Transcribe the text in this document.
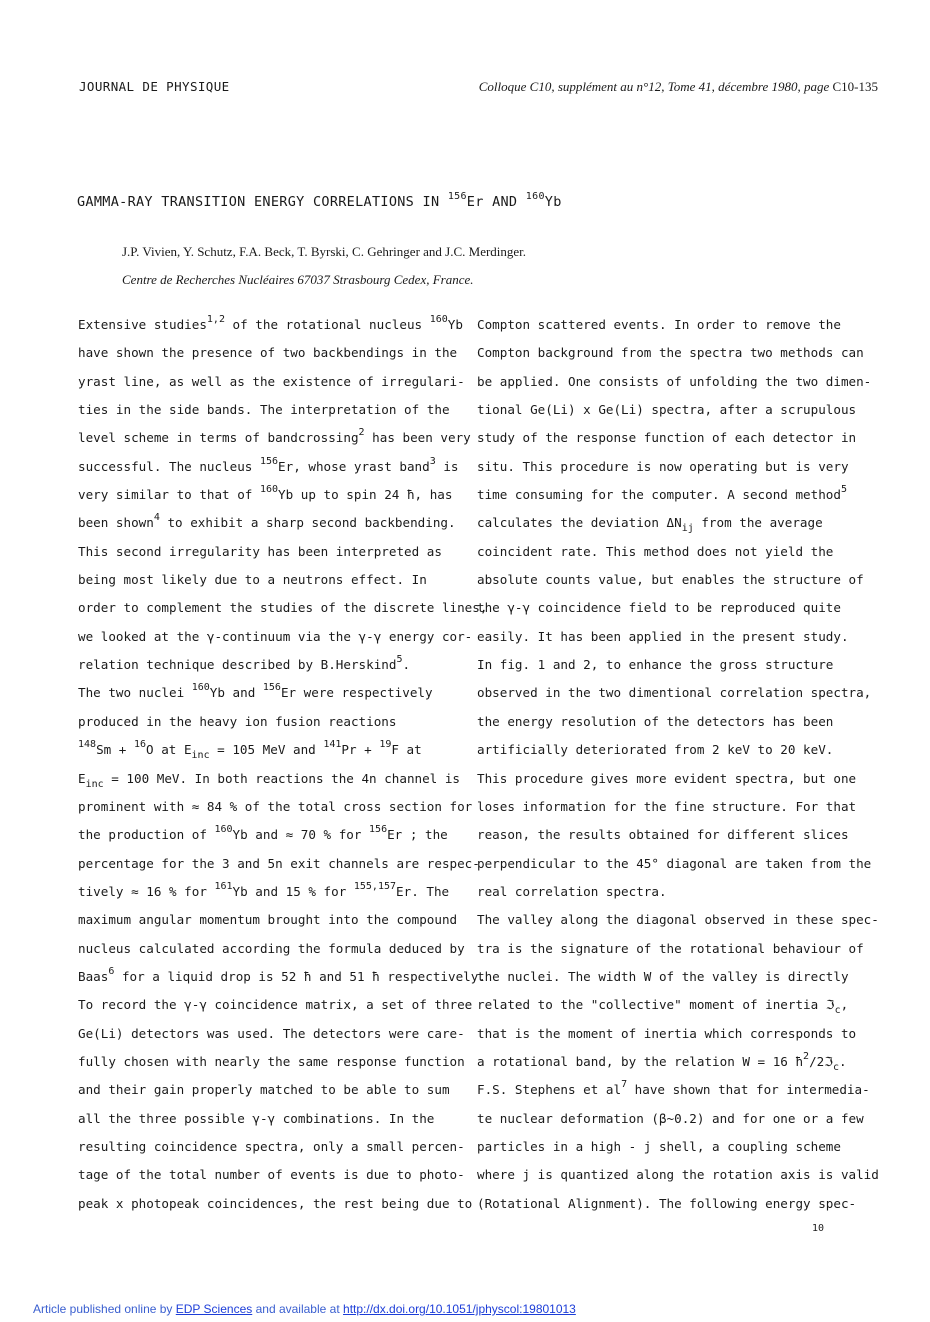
JOURNAL DE PHYSIQUE	Colloque C10, supplément au n°12, Tome 41, décembre 1980, page C10-135
GAMMA-RAY TRANSITION ENERGY CORRELATIONS IN $^{156}$Er AND $^{160}$Yb
J.P. Vivien, Y. Schutz, F.A. Beck, T. Byrski, C. Gehringer and J.C. Merdinger.
Centre de Recherches Nucléaires 67037 Strasbourg Cedex, France.
Extensive studies$^{1,2}$ of the rotational nucleus $^{160}$Yb
have shown the presence of two backbendings in the
yrast line, as well as the existence of irregulari-
ties in the side bands. The interpretation of the
level scheme in terms of bandcrossing$^2$ has been very
successful. The nucleus $^{156}$Er, whose yrast band$^3$ is
very similar to that of $^{160}$Yb up to spin 24 ħ, has
been shown$^4$ to exhibit a sharp second backbending.
This second irregularity has been interpreted as
being most likely due to a neutrons effect. In
order to complement the studies of the discrete lines,
we looked at the γ-continuum via the γ-γ energy cor-
relation technique described by B.Herskind$^5$.
The two nuclei $^{160}$Yb and $^{156}$Er were respectively
produced in the heavy ion fusion reactions
$^{148}$Sm + $^{16}$O at $E_{inc} = 105$ MeV and $^{141}$Pr + $^{19}$F at
$E_{inc} = 100$ MeV. In both reactions the 4n channel is
prominent with ≈ 84 % of the total cross section for
the production of $^{160}$Yb and ≈ 70 % for $^{156}$Er ; the
percentage for the 3 and 5n exit channels are respec-
tively ≈ 16 % for $^{161}$Yb and 15 % for $^{155,157}$Er. The
maximum angular momentum brought into the compound
nucleus calculated according the formula deduced by
Baas$^6$ for a liquid drop is 52 ħ and 51 ħ respectively.
To record the γ-γ coincidence matrix, a set of three
Ge(Li) detectors was used. The detectors were care-
fully chosen with nearly the same response function
and their gain properly matched to be able to sum
all the three possible γ-γ combinations. In the
resulting coincidence spectra, only a small percen-
tage of the total number of events is due to photo-
peak x photopeak coincidences, the rest being due to
Compton scattered events. In order to remove the
Compton background from the spectra two methods can
be applied. One consists of unfolding the two dimen-
tional Ge(Li) x Ge(Li) spectra, after a scrupulous
study of the response function of each detector in
situ. This procedure is now operating but is very
time consuming for the computer. A second method$^5$
calculates the deviation $\Delta N_{ij}$ from the average
coincident rate. This method does not yield the
absolute counts value, but enables the structure of
the γ-γ coincidence field to be reproduced quite
easily. It has been applied in the present study.
In fig. 1 and 2, to enhance the gross structure
observed in the two dimentional correlation spectra,
the energy resolution of the detectors has been
artificially deteriorated from 2 keV to 20 keV.
This procedure gives more evident spectra, but one
loses information for the fine structure. For that
reason, the results obtained for different slices
perpendicular to the 45° diagonal are taken from the
real correlation spectra.
The valley along the diagonal observed in these spec-
tra is the signature of the rotational behaviour of
the nuclei. The width W of the valley is directly
related to the "collective" moment of inertia ℑ$_c$,
that is the moment of inertia which corresponds to
a rotational band, by the relation W = 16 $ħ^2/2ℑ_c$.
F.S. Stephens et $al^7$ have shown that for intermedia-
te nuclear deformation (β~0.2) and for one or a few
particles in a high - j shell, a coupling scheme
where j is quantized along the rotation axis is valid
(Rotational Alignment). The following energy spec-
10
Article published online by EDP Sciences and available at http://dx.doi.org/10.1051/jphyscol:19801013
